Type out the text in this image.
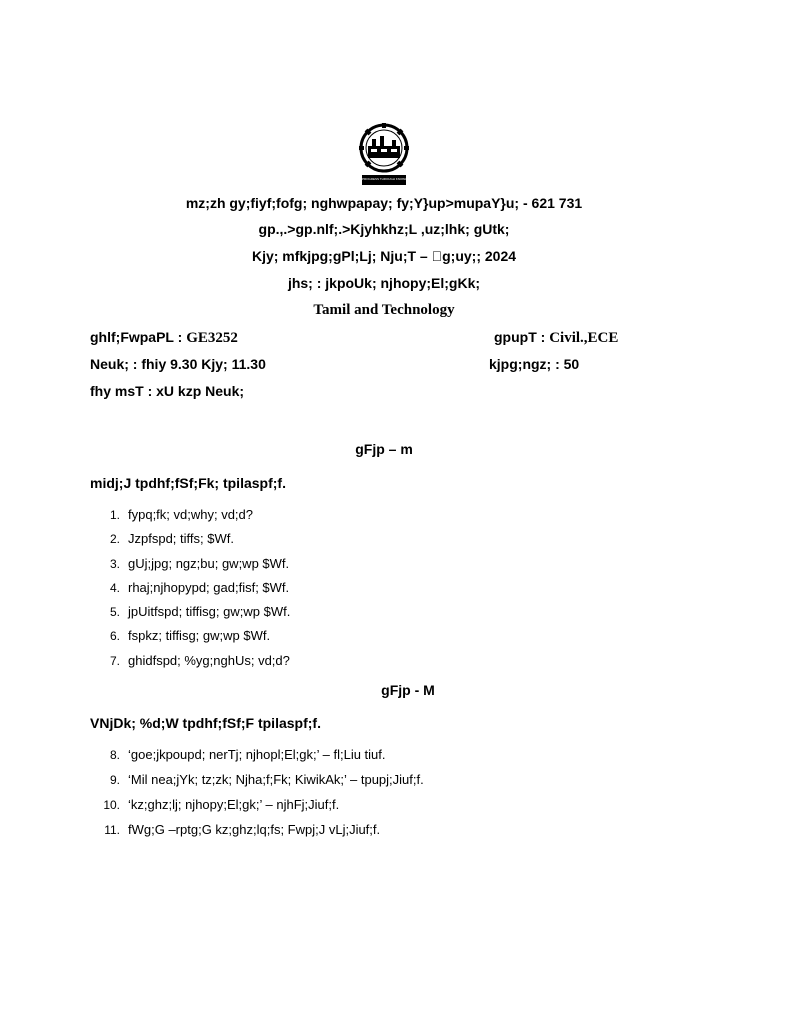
PROGRESS THROUGH KNOWLEDGE
mz;zh gy;fiyf;fofg; nghwpapay; fy;Y}up>mupaY}u; - 621 731
gp.,.>gp.nlf;.>Kjyhkhz;L ,uz;lhk; gUtk;
Kjy; mfkjpg;gPl;Lj; Nju;T –  g;uy;; 2024
jhs; : jkpoUk; njhopy;El;gKk;
Tamil and Technology
ghlf;FwpaPL : GE3252	gpupT : Civil.,ECE
Neuk; : fhiy 9.30 Kjy; 11.30	kjpg;ngz; : 50
fhy msT : xU kzp Neuk;
gFjp – m
midj;J tpdhf;fSf;Fk; tpilaspf;f.
1. fypq;fk; vd;why; vd;d?
2. Jzpfspd; tiffs; $Wf.
3. gUj;jpg; ngz;bu; gw;wp $Wf.
4. rhaj;njhopypd; gad;fisf; $Wf.
5. jpUitfspd; tiffisg; gw;wp $Wf.
6. fspkz; tiffisg; gw;wp $Wf.
7. ghidfspd; %yg;nghUs; vd;d?
gFjp - M
VNjDk; %d;W tpdhf;fSf;F tpilaspf;f.
8. ‘goe;jkpoupd; nerTj; njhopl;El;gk;’ – fl;Liu tiuf.
9. ‘Mil nea;jYk; tz;zk; Njha;f;Fk; KiwikAk;’ – tpupj;Jiuf;f.
10. ‘kz;ghz;lj; njhopy;El;gk;’ – njhFj;Jiuf;f.
11. fWg;G –rptg;G kz;ghz;lq;fs; Fwpj;J vLj;Jiuf;f.
